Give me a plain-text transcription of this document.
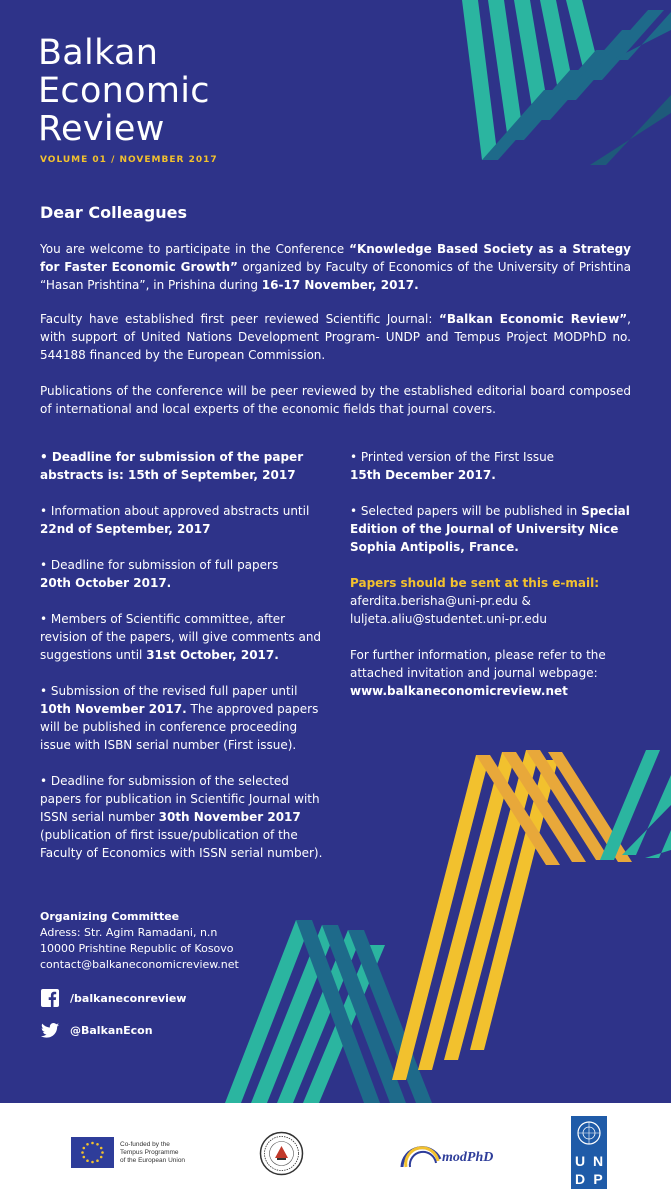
Balkan
Economic
Review
VOLUME 01 / NOVEMBER 2017
Dear Colleagues

You are welcome to participate in the Conference “Knowledge Based Society as a Strategy for Faster Economic Growth” organized by Faculty of Economics of the University of Prishtina “Hasan Prishtina”, in Prishina during 16-17 November, 2017.

Faculty have established first peer reviewed Scientific Journal: “Balkan Economic Review”, with support of United Nations Development Program- UNDP and Tempus Project MODPhD no. 544188 financed by the European Commission.

Publications of the conference will be peer reviewed by the established editorial board composed of international and local experts of the economic fields that journal covers.

• Deadline for submission of the paper abstracts is: 15th of September, 2017
• Information about approved abstracts until 22nd of September, 2017
• Deadline for submission of full papers
20th October 2017.
• Members of Scientific committee, after revision of the papers, will give comments and suggestions until 31st October, 2017.
• Submission of the revised full paper until 10th November 2017. The approved papers will be published in conference proceeding issue with ISBN serial number (First issue).
• Deadline for submission of the selected papers for publication in Scientific Journal with ISSN serial number 30th November 2017 (publication of first issue/publication of the Faculty of Economics with ISSN serial number).
• Printed version of the First Issue
15th December 2017.
• Selected papers will be published in Special Edition of the Journal of University Nice Sophia Antipolis, France.
Papers should be sent at this e-mail:
aferdita.berisha@uni-pr.edu &
luljeta.aliu@studentet.uni-pr.edu
For further information, please refer to the attached invitation and journal webpage:
www.balkaneconomicreview.net
Organizing Committee
Adress: Str. Agim Ramadani, n.n
10000 Prishtine Republic of Kosovo
contact@balkaneconomicreview.net
/balkaneconreview
@BalkanEcon
Co-funded by the
Tempus Programme
of the European Union	modPhD	U N
D P
